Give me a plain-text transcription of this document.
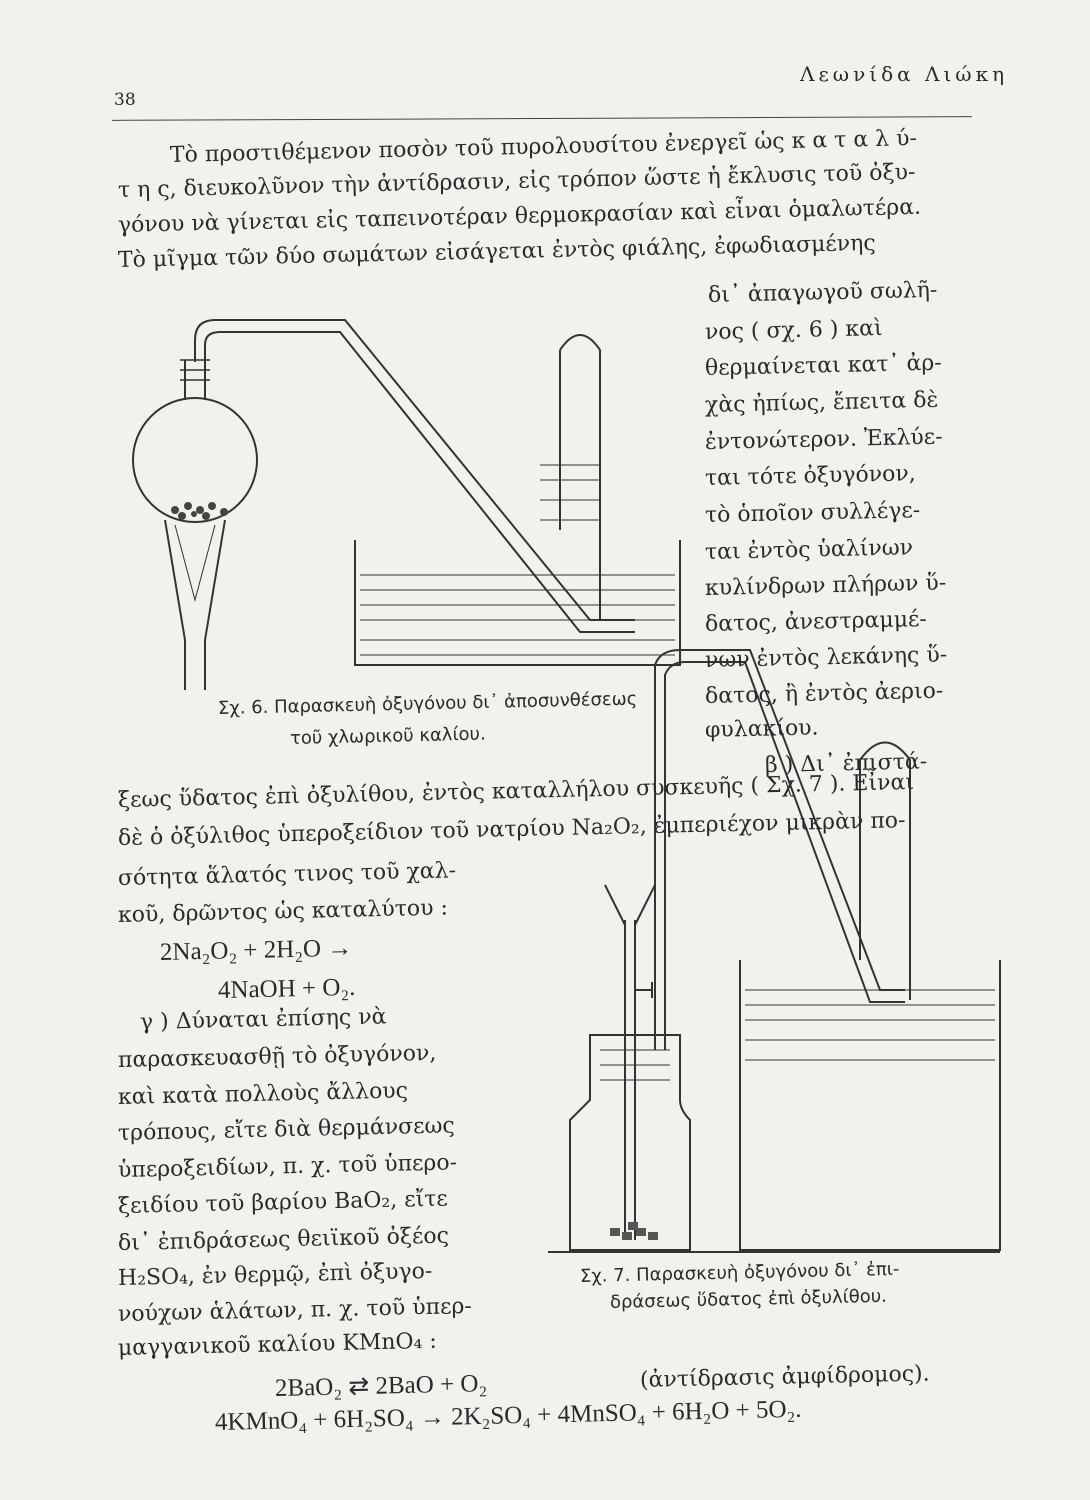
38
Λεωνίδα Λιώκη
Τὸ προστιθέμενον ποσὸν τοῦ πυρολουσίτου ἐνεργεῖ ὡς κ α τ α λ ύ-
τ η ς, διευκολῦνον τὴν ἀντίδρασιν, εἰς τρόπον ὥστε ἡ ἔκλυσις τοῦ ὀξυ-
γόνου νὰ γίνεται εἰς ταπεινοτέραν θερμοκρασίαν καὶ εἶναι ὁμαλωτέρα.
Τὸ μῖγμα τῶν δύο σωμάτων εἰσάγεται ἐντὸς φιάλης, ἐφωδιασμένης
δι᾽ ἀπαγωγοῦ σωλῆ-
νος ( σχ. 6 ) καὶ
θερμαίνεται κατ᾽ ἀρ-
χὰς ἠπίως, ἔπειτα δὲ
ἐντονώτερον. Ἐκλύε-
ται τότε ὀξυγόνον,
τὸ ὁποῖον συλλέγε-
ται ἐντὸς ὑαλίνων
κυλίνδρων πλήρων ὕ-
δατος, ἀνεστραμμέ-
νων ἐντὸς λεκάνης ὕ-
δατος, ἢ ἐντὸς ἀεριο-
φυλακίου.
β ) Δι᾽ ἐπιστά-
ξεως ὕδατος ἐπὶ ὀξυλίθου, ἐντὸς καταλλήλου συσκευῆς ( Σχ. 7 ). Εἶναι
δὲ ὁ ὀξύλιθος ὑπεροξείδιον τοῦ νατρίου Na₂O₂, ἐμπεριέχον μικρὰν πο-
σότητα ἅλατός τινος τοῦ χαλ-
κοῦ, δρῶντος ὡς καταλύτου :
2Na₂O₂ + 2H₂O →
4NaOH + O₂.
γ ) Δύναται ἐπίσης νὰ
παρασκευασθῇ τὸ ὀξυγόνον,
καὶ κατὰ πολλοὺς ἄλλους
τρόπους, εἴτε διὰ θερμάνσεως
ὑπεροξειδίων, π. χ. τοῦ ὑπερο-
ξειδίου τοῦ βαρίου BaO₂, εἴτε
δι᾽ ἐπιδράσεως θειϊκοῦ ὀξέος
H₂SO₄, ἐν θερμῷ, ἐπὶ ὀξυγο-
νούχων ἁλάτων, π. χ. τοῦ ὑπερ-
μαγγανικοῦ καλίου KMnO₄ :
2BaO₂ ⇄ 2BaO + O₂	(ἀντίδρασις ἀμφίδρομος).
4KMnO₄ + 6H₂SO₄ → 2K₂SO₄ + 4MnSO₄ + 6H₂O + 5O₂.
Σχ. 6. Παρασκευὴ ὀξυγόνου δι᾽ ἀποσυνθέσεως
τοῦ χλωρικοῦ καλίου.
Σχ. 7. Παρασκευὴ ὀξυγόνου δι᾽ ἐπι-
δράσεως ὕδατος ἐπὶ ὀξυλίθου.
